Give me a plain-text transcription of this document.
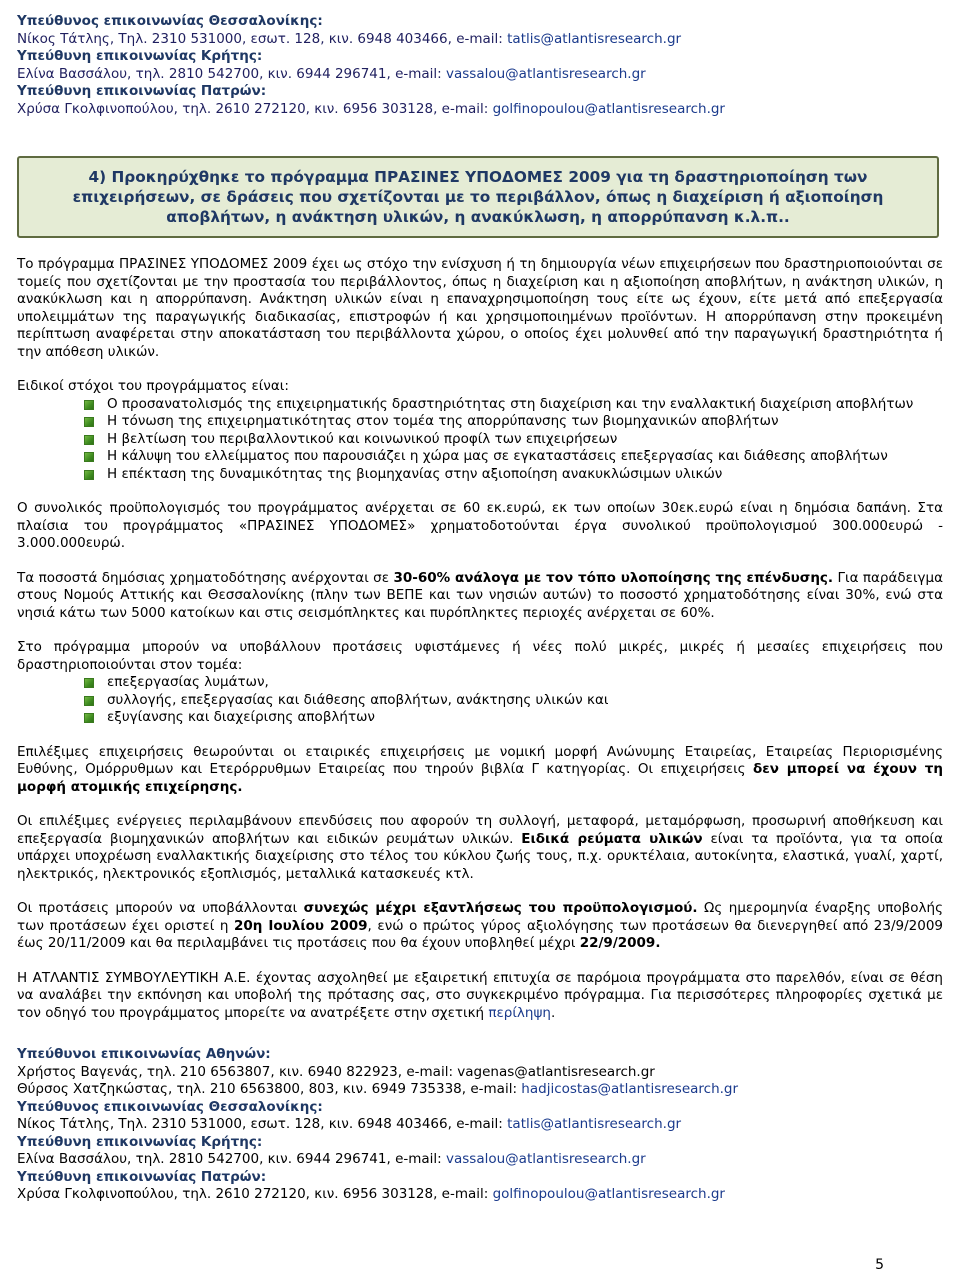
Υπεύθυνος επικοινωνίας Θεσσαλονίκης:
Νίκος Τάτλης, Τηλ. 2310 531000, εσωτ. 128, κιν. 6948 403466, e-mail: tatlis@atlantisresearch.gr
Υπεύθυνη επικοινωνίας Κρήτης:
Ελίνα Βασσάλου, τηλ. 2810 542700, κιν. 6944 296741, e-mail: vassalou@atlantisresearch.gr
Υπεύθυνη επικοινωνίας Πατρών:
Χρύσα Γκολφινοπούλου, τηλ. 2610 272120, κιν. 6956 303128, e-mail: golfinopoulou@atlantisresearch.gr
4) Προκηρύχθηκε το πρόγραμμα ΠΡΑΣΙΝΕΣ ΥΠΟΔΟΜΕΣ 2009 για τη δραστηριοποίηση των επιχειρήσεων, σε δράσεις που σχετίζονται με το περιβάλλον, όπως η διαχείριση ή αξιοποίηση αποβλήτων, η ανάκτηση υλικών, η ανακύκλωση, η απορρύπανση κ.λ.π..

Το πρόγραμμα ΠΡΑΣΙΝΕΣ ΥΠΟΔΟΜΕΣ 2009 έχει ως στόχο την ενίσχυση ή τη δημιουργία νέων επιχειρήσεων που δραστηριοποιούνται σε τομείς που σχετίζονται με την προστασία του περιβάλλοντος, όπως η διαχείριση και η αξιοποίηση αποβλήτων, η ανάκτηση υλικών, η ανακύκλωση και η απορρύπανση. Ανάκτηση υλικών είναι η επαναχρησιμοποίηση τους είτε ως έχουν, είτε μετά από επεξεργασία υπολειμμάτων της παραγωγικής διαδικασίας, επιστροφών ή και χρησιμοποιημένων προϊόντων. Η απορρύπανση στην προκειμένη περίπτωση αναφέρεται στην αποκατάσταση του περιβάλλοντα χώρου, ο οποίος έχει μολυνθεί από την παραγωγική δραστηριότητα ή την απόθεση υλικών.

Ειδικοί στόχοι του προγράμματος είναι:

Ο προσανατολισμός της επιχειρηματικής δραστηριότητας στη διαχείριση και την εναλλακτική διαχείριση αποβλήτων
Η τόνωση της επιχειρηματικότητας στον τομέα της απορρύπανσης των βιομηχανικών αποβλήτων
Η βελτίωση του περιβαλλοντικού και κοινωνικού προφίλ των επιχειρήσεων
Η κάλυψη του ελλείμματος που παρουσιάζει η χώρα μας σε εγκαταστάσεις επεξεργασίας και διάθεσης αποβλήτων
Η επέκταση της δυναμικότητας της βιομηχανίας στην αξιοποίηση ανακυκλώσιμων υλικών

Ο συνολικός προϋπολογισμός του προγράμματος ανέρχεται σε 60 εκ.ευρώ, εκ των οποίων 30εκ.ευρώ είναι η δημόσια δαπάνη. Στα πλαίσια του προγράμματος «ΠΡΑΣΙΝΕΣ ΥΠΟΔΟΜΕΣ» χρηματοδοτούνται έργα συνολικού προϋπολογισμού 300.000ευρώ - 3.000.000ευρώ.

Τα ποσοστά δημόσιας χρηματοδότησης ανέρχονται σε 30-60% ανάλογα με τον τόπο υλοποίησης της επένδυσης. Για παράδειγμα στους Νομούς Αττικής και Θεσσαλονίκης (πλην των ΒΕΠΕ και των νησιών αυτών) το ποσοστό χρηματοδότησης είναι 30%, ενώ στα νησιά κάτω των 5000 κατοίκων και στις σεισμόπληκτες και πυρόπληκτες περιοχές ανέρχεται σε 60%.

Στο πρόγραμμα μπορούν να υποβάλλουν προτάσεις υφιστάμενες ή νέες πολύ μικρές, μικρές ή μεσαίες επιχειρήσεις που δραστηριοποιούνται στον τομέα:

επεξεργασίας λυμάτων,
συλλογής, επεξεργασίας και διάθεσης αποβλήτων, ανάκτησης υλικών και
εξυγίανσης και διαχείρισης αποβλήτων

Επιλέξιμες επιχειρήσεις θεωρούνται οι εταιρικές επιχειρήσεις με νομική μορφή Ανώνυμης Εταιρείας, Εταιρείας Περιορισμένης Ευθύνης, Ομόρρυθμων και Ετερόρρυθμων Εταιρείας που τηρούν βιβλία Γ κατηγορίας. Οι επιχειρήσεις δεν μπορεί να έχουν τη μορφή ατομικής επιχείρησης.

Οι επιλέξιμες ενέργειες περιλαμβάνουν επενδύσεις που αφορούν τη συλλογή, μεταφορά, μεταμόρφωση, προσωρινή αποθήκευση και επεξεργασία βιομηχανικών αποβλήτων και ειδικών ρευμάτων υλικών. Ειδικά ρεύματα υλικών είναι τα προϊόντα, για τα οποία υπάρχει υποχρέωση εναλλακτικής διαχείρισης στο τέλος του κύκλου ζωής τους, π.χ. ορυκτέλαια, αυτοκίνητα, ελαστικά, γυαλί, χαρτί, ηλεκτρικός, ηλεκτρονικός εξοπλισμός, μεταλλικά κατασκευές κτλ.

Οι προτάσεις μπορούν να υποβάλλονται συνεχώς μέχρι εξαντλήσεως του προϋπολογισμού. Ως ημερομηνία έναρξης υποβολής των προτάσεων έχει οριστεί η 20η Ιουλίου 2009, ενώ ο πρώτος γύρος αξιολόγησης των προτάσεων θα διενεργηθεί από 23/9/2009 έως 20/11/2009 και θα περιλαμβάνει τις προτάσεις που θα έχουν υποβληθεί μέχρι 22/9/2009.

Η ΑΤΛΑΝΤΙΣ ΣΥΜΒΟΥΛΕΥΤΙΚΗ Α.Ε. έχοντας ασχοληθεί με εξαιρετική επιτυχία σε παρόμοια προγράμματα στο παρελθόν, είναι σε θέση να αναλάβει την εκπόνηση και υποβολή της πρότασης σας, στο συγκεκριμένο πρόγραμμα. Για περισσότερες πληροφορίες σχετικά με τον οδηγό του προγράμματος μπορείτε να ανατρέξετε στην σχετική περίληψη.

Υπεύθυνοι επικοινωνίας Αθηνών:
Χρήστος Βαγενάς, τηλ. 210 6563807, κιν. 6940 822923, e-mail: vagenas@atlantisresearch.gr
Θύρσος Χατζηκώστας, τηλ. 210 6563800, 803, κιν. 6949 735338, e-mail: hadjicostas@atlantisresearch.gr
Υπεύθυνος επικοινωνίας Θεσσαλονίκης:
Νίκος Τάτλης, Τηλ. 2310 531000, εσωτ. 128, κιν. 6948 403466, e-mail: tatlis@atlantisresearch.gr
Υπεύθυνη επικοινωνίας Κρήτης:
Ελίνα Βασσάλου, τηλ. 2810 542700, κιν. 6944 296741, e-mail: vassalou@atlantisresearch.gr
Υπεύθυνη επικοινωνίας Πατρών:
Χρύσα Γκολφινοπούλου, τηλ. 2610 272120, κιν. 6956 303128, e-mail: golfinopoulou@atlantisresearch.gr
5
